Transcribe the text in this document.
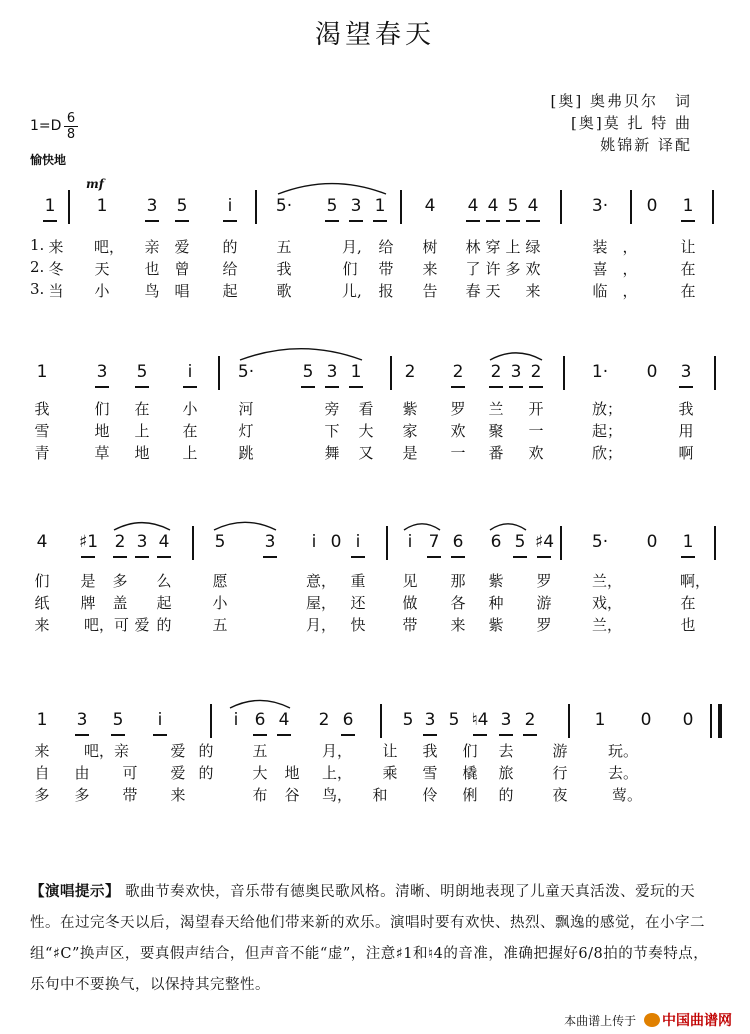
渴望春天
[奥] 奥弗贝尔　词
[奥]莫 扎 特 曲
姚锦新 译配
1=D 6
8
愉快地
mf
1 1 3 5	i	5· 5 3 1 4 4 4 5 4	3· 0 1
1. 来 吧， 亲 爱 的	五	月, 给 树 林 穿 上 绿	装 ，	让
2. 冬 天 也 曾 给	我	们 带 来 了 许 多 欢	喜 ，	在
3. 当 小 鸟 唱 起	歌	儿, 报 告 春 天 来	临 ，	在
1	3 5	i	5·	5 3 1	2 2 2 3 2	1· 0 3
我	们 在 小	河	旁 看 紫 罗 兰 开	放；	我
雪	地 上 在	灯	下 大 家 欢 聚 一	起；	用
青	草 地 上	跳	舞 又 是 一 番 欢	欣；	啊
4 ♯1 2 3 4	5 3	i 0 i	i 7 6 6 5 ♯4 5· 0 1
们 是 多 么	愿	意， 重 见 那 紫 罗	兰，	啊，
纸 牌 盖 起	小	屋， 还 做 各 种 游	戏，	在
来 吧，可 爱 的	五	月， 快 带 来 紫 罗	兰，	也
1 3 5	i	i 6 4 2 6	5 3 5 ♮4 3 2	1 0 0
来 吧，亲	爱 的	五	月， 让 我 们 去	游	玩。
自 由 可 爱 的	大 地 上， 乘 雪 橇 旅	行	去。
多 多 带 来	布 谷 鸟， 和 伶 俐 的	夜	莺。
【演唱提示】 歌曲节奏欢快，音乐带有德奥民歌风格。清晰、明朗地表现了儿童天真活泼、爱玩的天性。在过完冬天以后，渴望春天给他们带来新的欢乐。演唱时要有欢快、热烈、飘逸的感觉，在小字二组“♯C”换声区，要真假声结合，但声音不能“虚”，注意♯1和♮4的音准，准确把握好6/8拍的节奏特点，乐句中不要换气，以保持其完整性。
本曲谱上传于 中国曲谱网
